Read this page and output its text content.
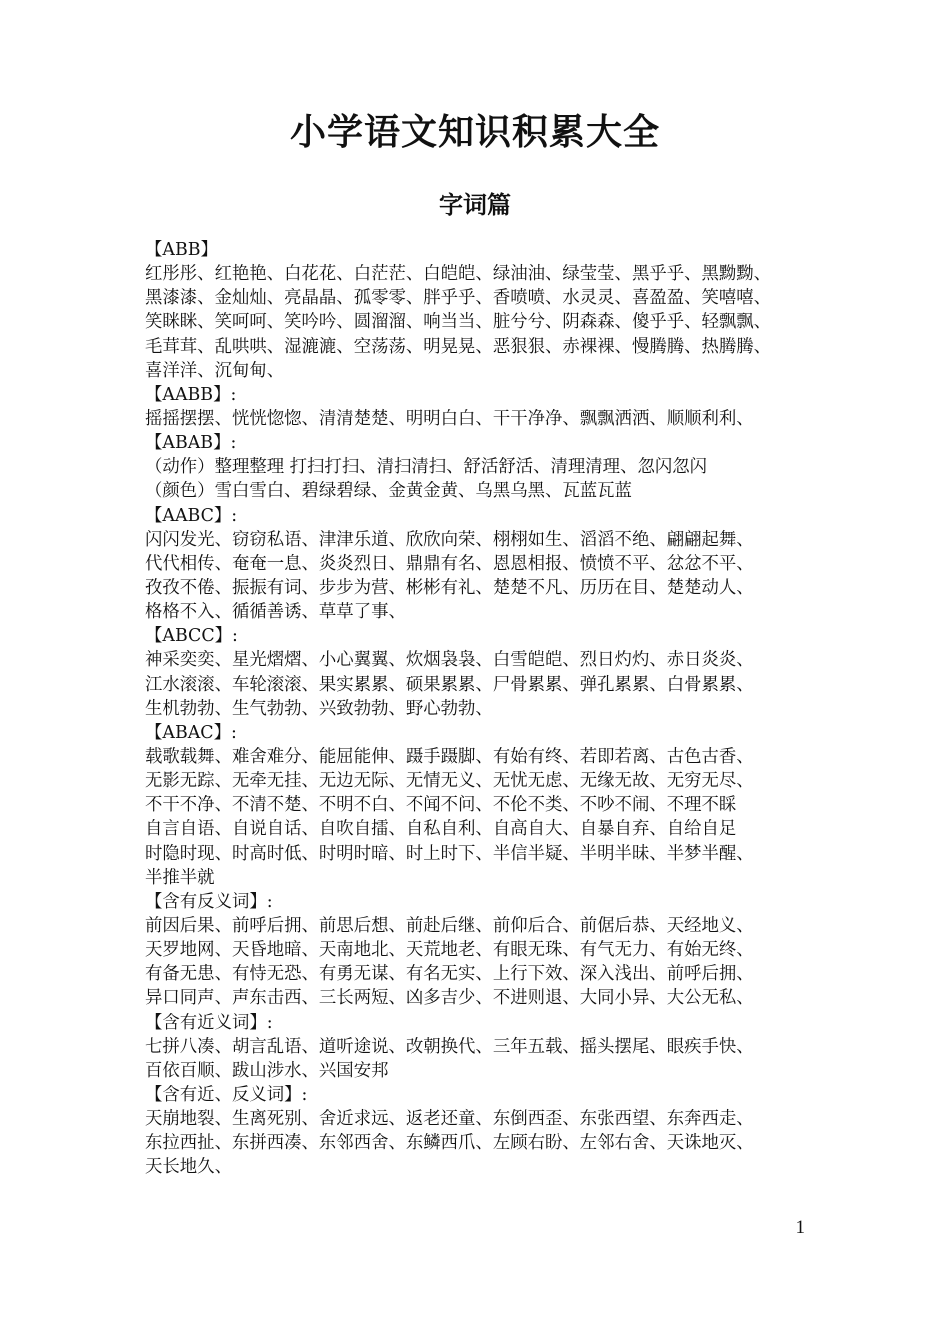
小学语文知识积累大全
字词篇
【ABB】
红彤彤、红艳艳、白花花、白茫茫、白皑皑、绿油油、绿莹莹、黑乎乎、黑黝黝、
黑漆漆、金灿灿、亮晶晶、孤零零、胖乎乎、香喷喷、水灵灵、喜盈盈、笑嘻嘻、
笑眯眯、笑呵呵、笑吟吟、圆溜溜、响当当、脏兮兮、阴森森、傻乎乎、轻飘飘、
毛茸茸、乱哄哄、湿漉漉、空荡荡、明晃晃、恶狠狠、赤裸裸、慢腾腾、热腾腾、
喜洋洋、沉甸甸、
【AABB】:
摇摇摆摆、恍恍惚惚、清清楚楚、明明白白、干干净净、飘飘洒洒、顺顺利利、
【ABAB】:
（动作）整理整理 打扫打扫、清扫清扫、舒活舒活、清理清理、忽闪忽闪
（颜色）雪白雪白、碧绿碧绿、金黄金黄、乌黑乌黑、瓦蓝瓦蓝
【AABC】:
闪闪发光、窃窃私语、津津乐道、欣欣向荣、栩栩如生、滔滔不绝、翩翩起舞、
代代相传、奄奄一息、炎炎烈日、鼎鼎有名、恩恩相报、愤愤不平、忿忿不平、
孜孜不倦、振振有词、步步为营、彬彬有礼、楚楚不凡、历历在目、楚楚动人、
格格不入、循循善诱、草草了事、
【ABCC】:
神采奕奕、星光熠熠、小心翼翼、炊烟袅袅、白雪皑皑、烈日灼灼、赤日炎炎、
江水滚滚、车轮滚滚、果实累累、硕果累累、尸骨累累、弹孔累累、白骨累累、
生机勃勃、生气勃勃、兴致勃勃、野心勃勃、
【ABAC】:
载歌载舞、难舍难分、能屈能伸、蹑手蹑脚、有始有终、若即若离、古色古香、
无影无踪、无牵无挂、无边无际、无情无义、无忧无虑、无缘无故、无穷无尽、
不干不净、不清不楚、不明不白、不闻不问、不伦不类、不吵不闹、不理不睬
自言自语、自说自话、自吹自擂、自私自利、自高自大、自暴自弃、自给自足
时隐时现、时高时低、时明时暗、时上时下、半信半疑、半明半昧、半梦半醒、
半推半就
【含有反义词】:
前因后果、前呼后拥、前思后想、前赴后继、前仰后合、前倨后恭、天经地义、
天罗地网、天昏地暗、天南地北、天荒地老、有眼无珠、有气无力、有始无终、
有备无患、有恃无恐、有勇无谋、有名无实、上行下效、深入浅出、前呼后拥、
异口同声、声东击西、三长两短、凶多吉少、不进则退、大同小异、大公无私、
【含有近义词】:
七拼八凑、胡言乱语、道听途说、改朝换代、三年五载、摇头摆尾、眼疾手快、
百依百顺、跋山涉水、兴国安邦
【含有近、反义词】:
天崩地裂、生离死别、舍近求远、返老还童、东倒西歪、东张西望、东奔西走、
东拉西扯、东拼西凑、东邻西舍、东鳞西爪、左顾右盼、左邻右舍、天诛地灭、
天长地久、
1
